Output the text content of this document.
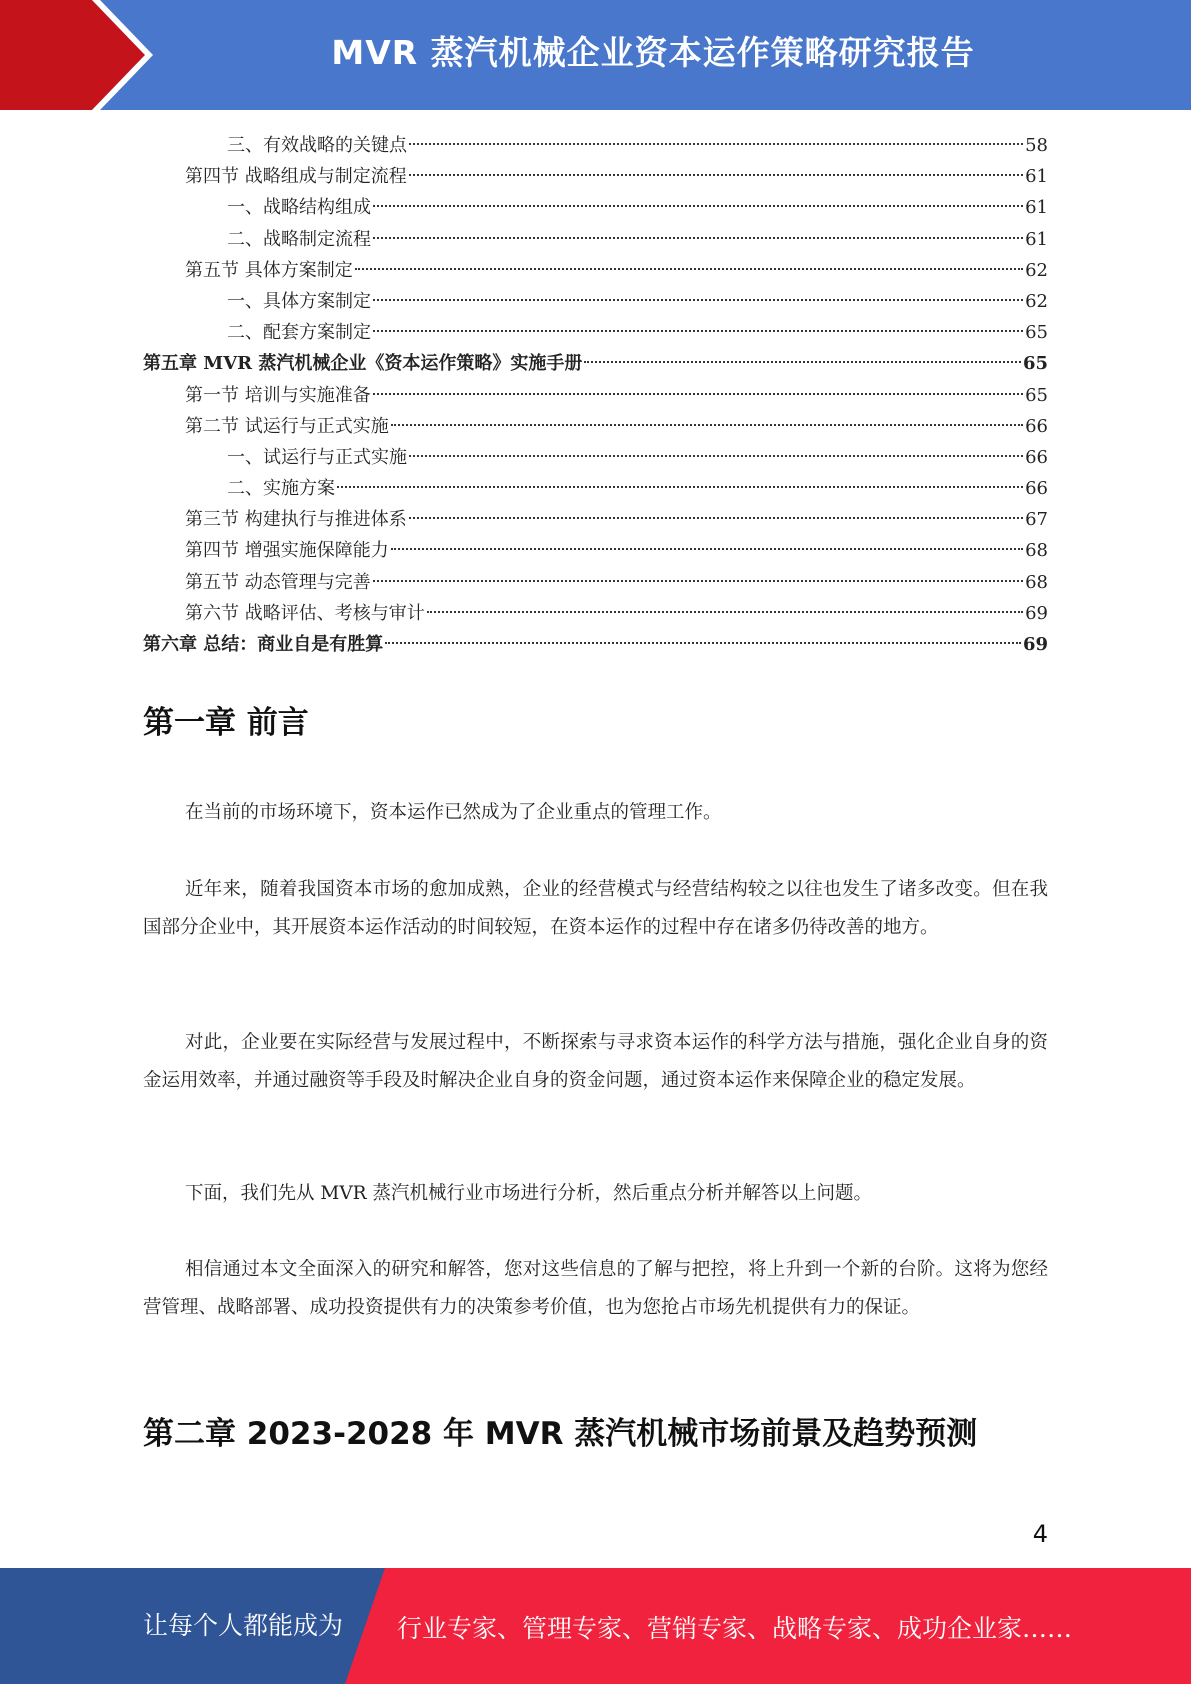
MVR 蒸汽机械企业资本运作策略研究报告
三、有效战略的关键点	58
第四节 战略组成与制定流程	61
一、战略结构组成	61
二、战略制定流程	61
第五节 具体方案制定	62
一、具体方案制定	62
二、配套方案制定	65
第五章 MVR 蒸汽机械企业《资本运作策略》实施手册	65
第一节 培训与实施准备	65
第二节 试运行与正式实施	66
一、试运行与正式实施	66
二、实施方案	66
第三节 构建执行与推进体系	67
第四节 增强实施保障能力	68
第五节 动态管理与完善	68
第六节 战略评估、考核与审计	69
第六章 总结：商业自是有胜算	69
第一章 前言

在当前的市场环境下，资本运作已然成为了企业重点的管理工作。

近年来，随着我国资本市场的愈加成熟，企业的经营模式与经营结构较之以往也发生了诸多改变。但在我国部分企业中，其开展资本运作活动的时间较短，在资本运作的过程中存在诸多仍待改善的地方。

对此，企业要在实际经营与发展过程中，不断探索与寻求资本运作的科学方法与措施，强化企业自身的资金运用效率，并通过融资等手段及时解决企业自身的资金问题，通过资本运作来保障企业的稳定发展。

下面，我们先从 MVR 蒸汽机械行业市场进行分析，然后重点分析并解答以上问题。

相信通过本文全面深入的研究和解答，您对这些信息的了解与把控，将上升到一个新的台阶。这将为您经营管理、战略部署、成功投资提供有力的决策参考价值，也为您抢占市场先机提供有力的保证。

第二章 2023-2028 年 MVR 蒸汽机械市场前景及趋势预测
4
让每个人都能成为 行业专家、管理专家、营销专家、战略专家、成功企业家……
